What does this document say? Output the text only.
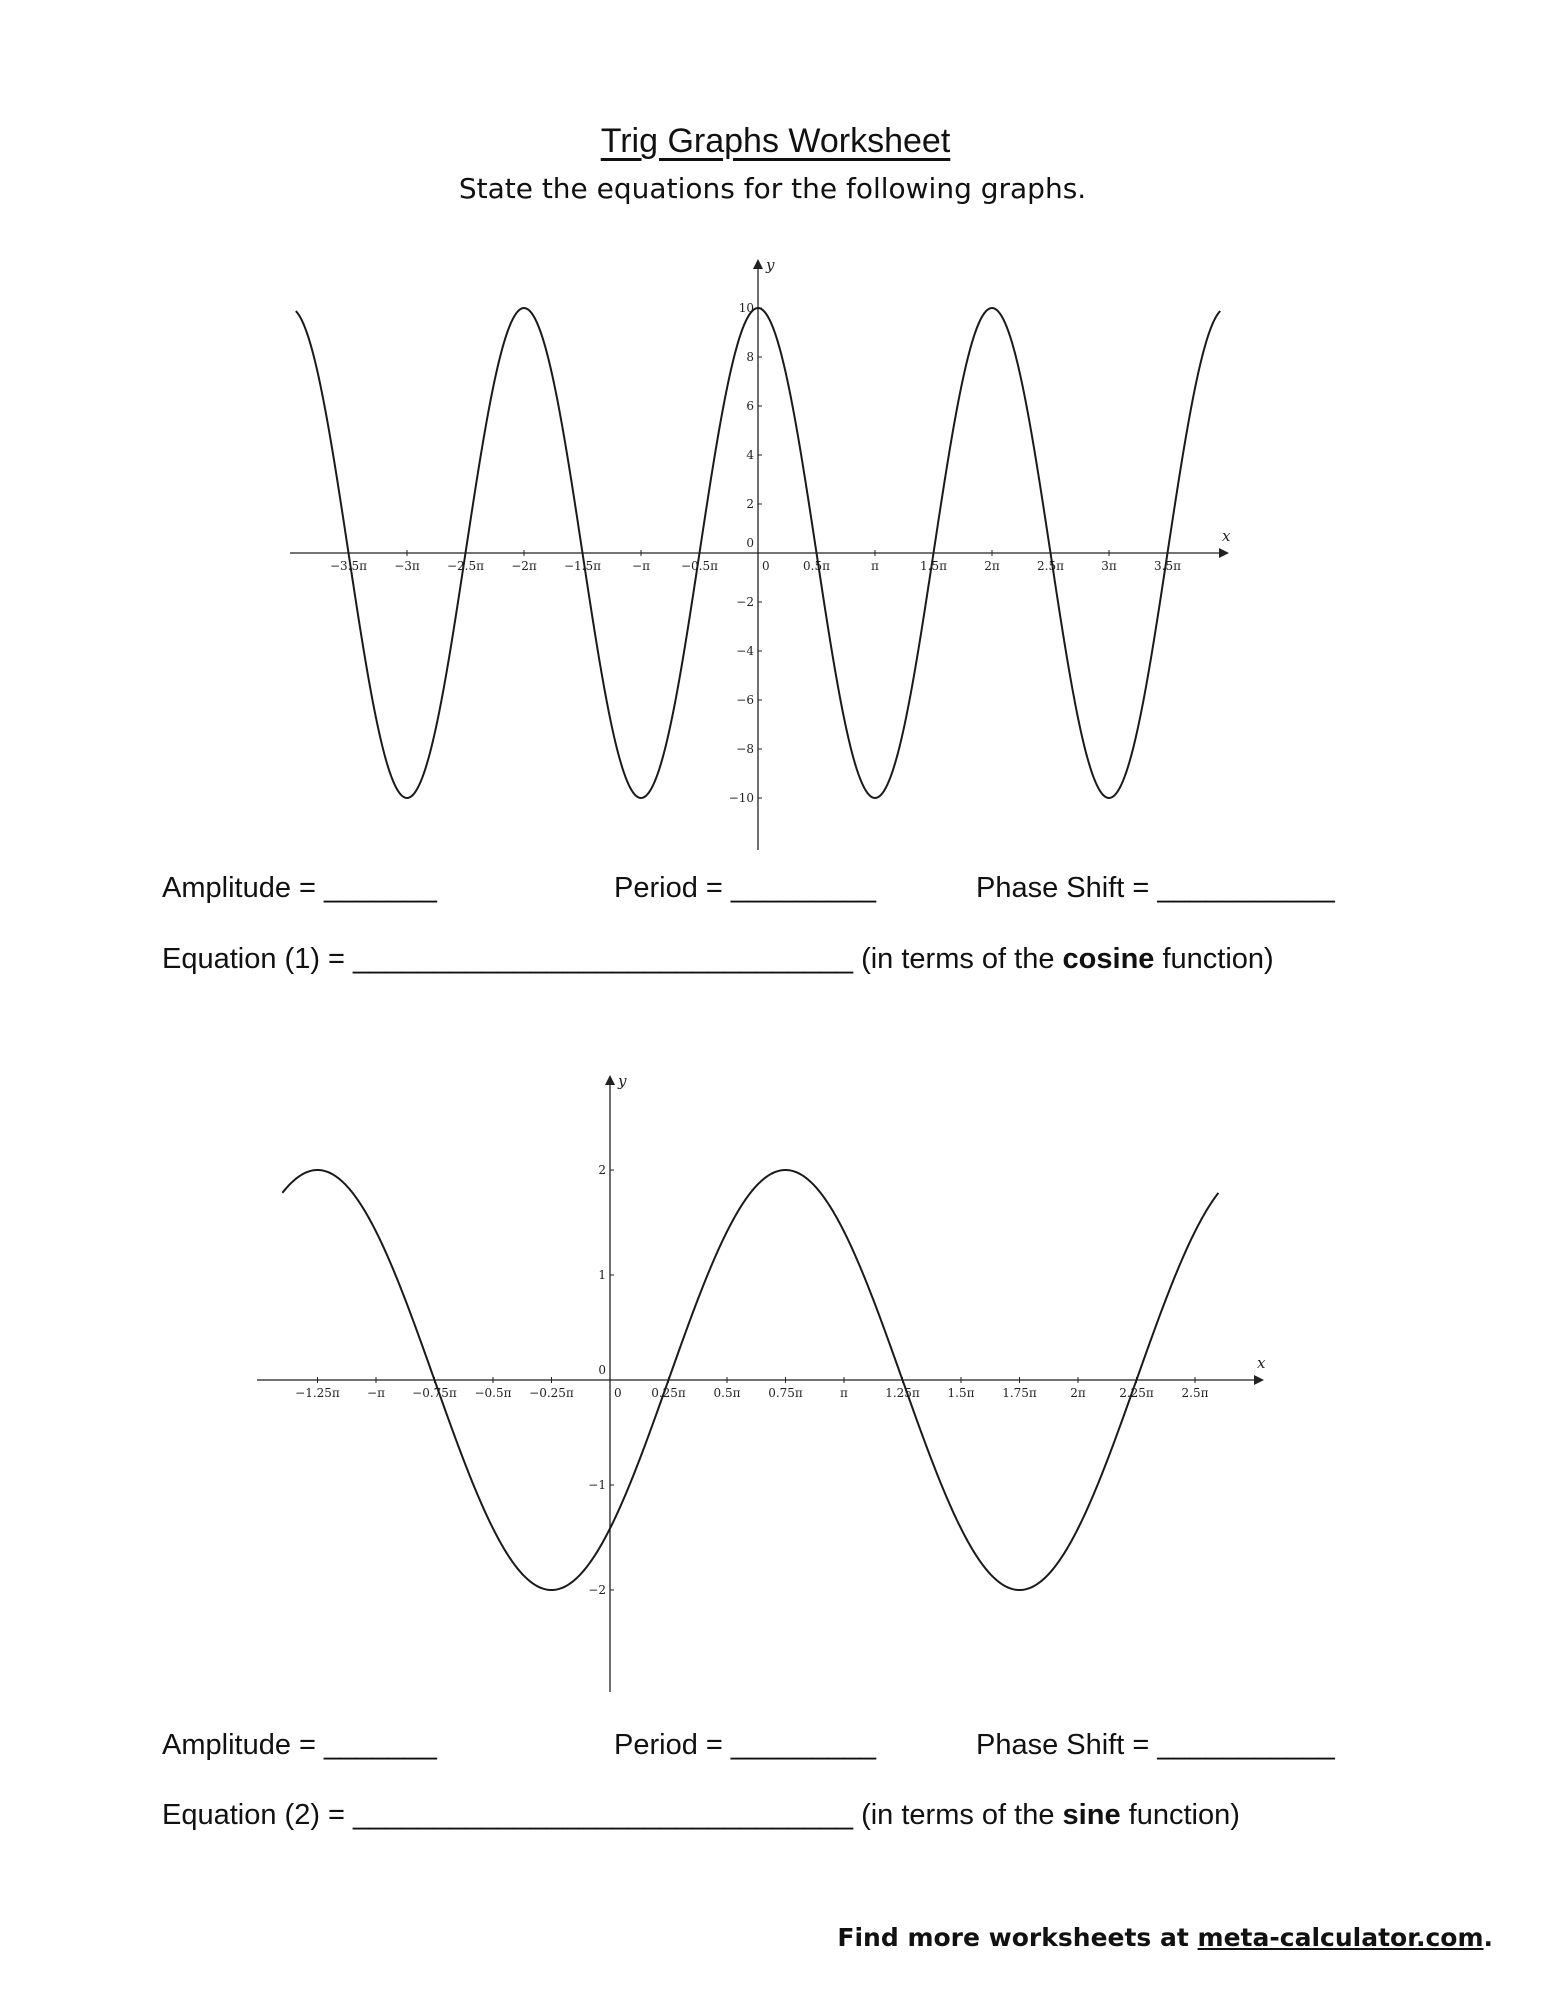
Trig Graphs Worksheet
State the equations for the following graphs.
x
y
−3.5π −3π −2.5π −2π −1.5π	−π	−0.5π	0	0.5π	π	1.5π	2π	2.5π	3π	3.5π
10
8
6
4
2
0
−2
−4
−6
−8
−10
Amplitude = _______	Period = _________	Phase Shift = ___________
Equation (1) = _______________________________ (in terms of the cosine function)
x
y
−1.25π −π −0.75π −0.5π −0.25π	0 0.25π 0.5π 0.75π	π	1.25π 1.5π 1.75π	2π	2.25π 2.5π
2
1
0
−1
−2
Amplitude = _______	Period = _________	Phase Shift = ___________
Equation (2) = _______________________________ (in terms of the sine function)
Find more worksheets at meta-calculator.com.
